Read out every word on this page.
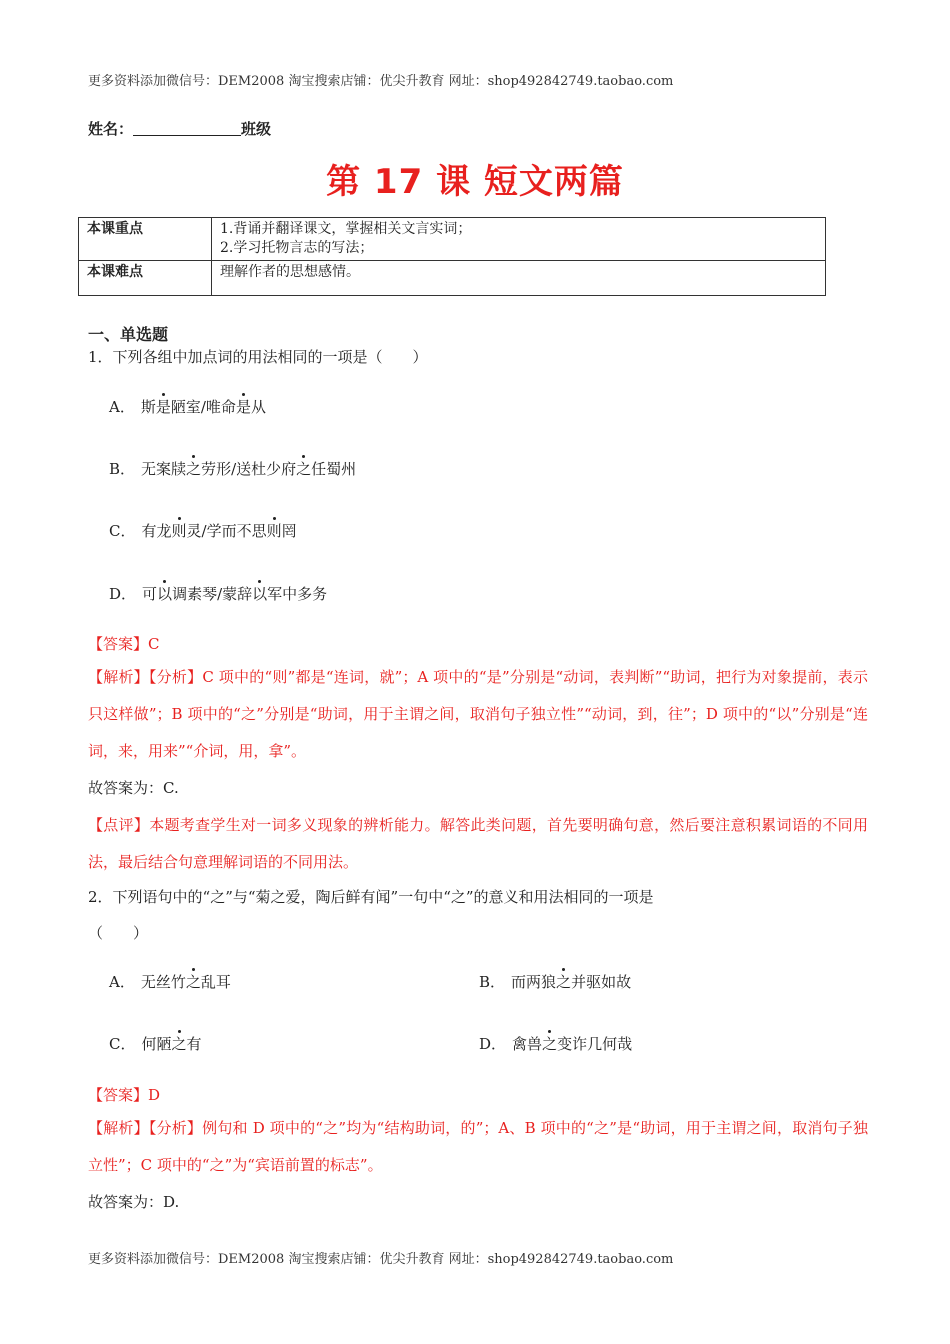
更多资料添加微信号：DEM2008 淘宝搜索店铺：优尖升教育 网址：shop492842749.taobao.com
姓名：	班级
第 17 课 短文两篇
本课重点	1.背诵并翻译课文，掌握相关文言实词；
2.学习托物言志的写法；

本课难点	理解作者的思想感情。
一、单选题
1．下列各组中加点词的用法相同的一项是（　　）
A． 斯是陋室/唯命是从
B． 无案牍之劳形/送杜少府之任蜀州
C． 有龙则灵/学而不思则罔
D． 可以调素琴/蒙辞以军中多务
【答案】C
【解析】【分析】C 项中的“则”都是“连词，就”；A 项中的“是”分别是“动词，表判断”“助词，把行为对象提前，表示只这样做”；B 项中的“之”分别是“助词，用于主谓之间，取消句子独立性”“动词，到，往”；D 项中的“以”分别是“连词，来，用来”“介词，用，拿”。
故答案为：C.
【点评】本题考查学生对一词多义现象的辨析能力。解答此类问题，首先要明确句意，然后要注意积累词语的不同用法，最后结合句意理解词语的不同用法。
2．下列语句中的“之”与“菊之爱，陶后鲜有闻”一句中“之”的意义和用法相同的一项是
（　　）
A． 无丝竹之乱耳	B． 而两狼之并驱如故
C． 何陋之有	D． 禽兽之变诈几何哉
【答案】D
【解析】【分析】例句和 D 项中的“之”均为“结构助词，的”；A、B 项中的“之”是“助词，用于主谓之间，取消句子独立性”；C 项中的“之”为“宾语前置的标志”。
故答案为：D.
更多资料添加微信号：DEM2008 淘宝搜索店铺：优尖升教育 网址：shop492842749.taobao.com
